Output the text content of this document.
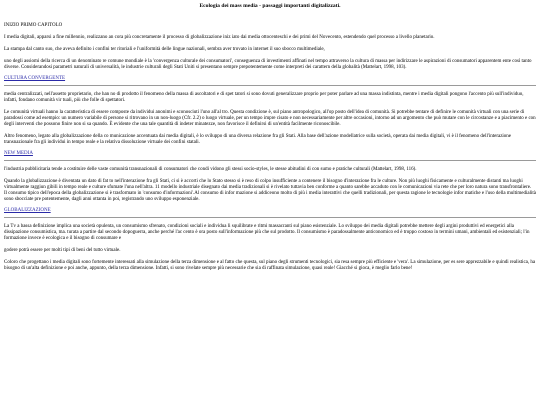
Ecologia dei mass media - passaggi importanti digitalizzati.

INIZIO PRIMO CAPITOLO

I media digitali, apparsi a fine millennio, realizzano an cora più concretamente il processo di globalizzazione iniz iato dai media ottocenteschi e dei primi del Novecento, estendendo quel processo a livello planetario.

La stampa dal canto suo, che aveva definito i confini ter ritoriali e l'uniformità delle lingue nazionali, sembra aver trovato in internet il suo sbocco multimediale,

uno degli assiomi della ricerca di un denominato re comune mondiale è la 'convergenza culturale dei consumatori', conseguenza di investimenti affinati nel tempo attraverso la cultura di massa per indirizzare le aspirazioni di consumatori apparentem ente così tanto diverse. Considerandosi parametri naturali di universalità, le industrie culturali degli Stati Uniti si presentano sempre prepotentemente come interpreti dei carattern della globalità (Mattelart, 1998, 103).

CULTURA CONVERGENTE

media centralizzati, nell'assetto proprietario, che han no di prodotto il fenomeno della massa di ascoltatori e di spet tatori si sono dovuti generalizzare proprio per poter parlare ad una massa indistinta, mentre i media digitali pongono l'accento più sull'individuo, infatti, fondano comunità vir tuali, più che folle di spettatori.

Le comunità virtuali hanno la caratteristica di essere composte da individui anonimi e sconosciuti l'uno all'al tro. Questa condizione è, sul piano antropologico, all'op posto dell'idea di comunità. Si potrebbe tentare di definire le comunità virtuali con una serie di paradossi come ad esempio: un numero variabile di persone si ritrovano in un non-luogo (Cfr. 2.2) o luogo virtuale, per un tempo impre cisato e non necessariamente per altre occasioni, intorno ad un argomento che può mutare con le circostanze e a piacimento e con degli interventi che possono finire non si sa quando. È evidente che una tale quantità di indeter minatezze, non favorisce il definirsi di un'entità facilmente riconoscibile.

Altro fenomeno, legato alla globalizzazione della co municazione accentuata dai media digitali, è lo sviluppo di una diversa relazione fra gli Stati. Alla base dell'azione modellatrice sulla società, operata dai media digitali, vi è il fenomeno dell'interazione transnazionale fra gli individui in tempo reale e la relativa dissoluzione virtuale dei confini statali.

NEW MEDIA

l'industria pubblicitaria tende a costituire delle vaste comunità transnazionali di consumatori che condi vidono gli stessi socio-styles, le stesse abitudini di con sumo e pratiche culturali (Mattelart, 1998, 116).

Quando la globalizzazione è diventata un dato di fat to nell'interazione fra gli Stati, ci si è accorti che lo Stato stesso si è reso di colpo insufficiente a contenere il bisogno d'interazione fra le culture. Non più luoghi fisicamente e culturalmente distanti ma luoghi virtualmente raggiun gibili in tempo reale e culture sfumate l'una nell'altra. 11 modello industriale disegnato dai media tradizionali si è rivelato tuttavia ben conforme a quanto sarebbe accaduto con le comunicazioni via rete che per loro natura sono transfrontaliere.

Il consumo tipico dell'epoca della globalizzazione si è trasformato in 'consumo d'informazioni'.Al consumo di infor mazione si addiceono molto di più i media interattivi che quelli tradizionali, per questa ragione le tecnologie infor matiche e l'uso della multimedialità sono sbocciate pre potentemente, dagli anni ottanta in poi, registrando uno sviluppo esponenziale.

GLOBALIZZAZIONE

La Tv a bassa definizione implica una società opulenta, un consumismo sfrenato, condizioni sociali e individua li squilibrate e ritmi massacranti sul piano esistenziale. Lo sviluppo dei media digitali potrebbe mettere degli argini produttivi ed energetici alla dissipazione consumistica, ma. turata a partire dal secondo dopoguerra, anche perché l'ac cento è ora posto sull'informazione più che sul prodotto. Il consumismo è paradossalmente anticonomico ed è troppo costoso in termini umani, ambientali ed esistenziali; l'in formazione invece è ecologica e il bisogno di consumare e

godere potrà essere per molti tipi di beni del tutto virtuale.

Coloro che progettano i media digitali sono fortemente interessati alla simulazione della terza dimensione e al fatto che questa, sul piano degli strumenti tecnologici, sia resa sempre più efficiente e 'vera'. La simulazione, per es sere apprezzabile e quindi realistica, ha bisogno di un'alta definizione e poi anche, appunto, della terza dimensione. Infatti, si sono rivelate sempre più necessarie che sia di raffinata simulazione, quasi reale! Giacché si gioca, è meglio farlo bene!
